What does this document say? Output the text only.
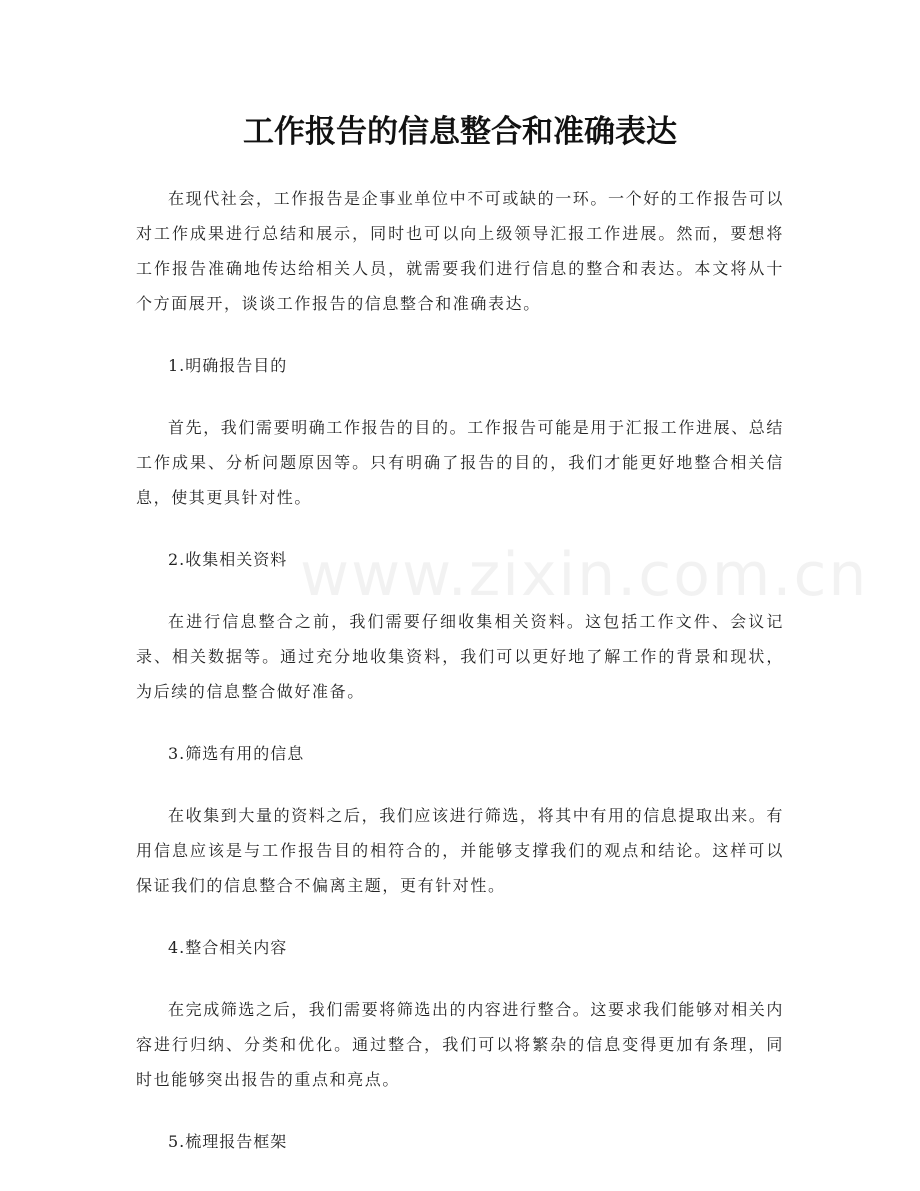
工作报告的信息整合和准确表达
www.zixin.com.cn

在现代社会，工作报告是企事业单位中不可或缺的一环。一个好的工作报告可以对工作成果进行总结和展示，同时也可以向上级领导汇报工作进展。然而，要想将工作报告准确地传达给相关人员，就需要我们进行信息的整合和表达。本文将从十个方面展开，谈谈工作报告的信息整合和准确表达。

1.明确报告目的

首先，我们需要明确工作报告的目的。工作报告可能是用于汇报工作进展、总结工作成果、分析问题原因等。只有明确了报告的目的，我们才能更好地整合相关信息，使其更具针对性。

2.收集相关资料

在进行信息整合之前，我们需要仔细收集相关资料。这包括工作文件、会议记录、相关数据等。通过充分地收集资料，我们可以更好地了解工作的背景和现状，为后续的信息整合做好准备。

3.筛选有用的信息

在收集到大量的资料之后，我们应该进行筛选，将其中有用的信息提取出来。有用信息应该是与工作报告目的相符合的，并能够支撑我们的观点和结论。这样可以保证我们的信息整合不偏离主题，更有针对性。

4.整合相关内容

在完成筛选之后，我们需要将筛选出的内容进行整合。这要求我们能够对相关内容进行归纳、分类和优化。通过整合，我们可以将繁杂的信息变得更加有条理，同时也能够突出报告的重点和亮点。

5.梳理报告框架
